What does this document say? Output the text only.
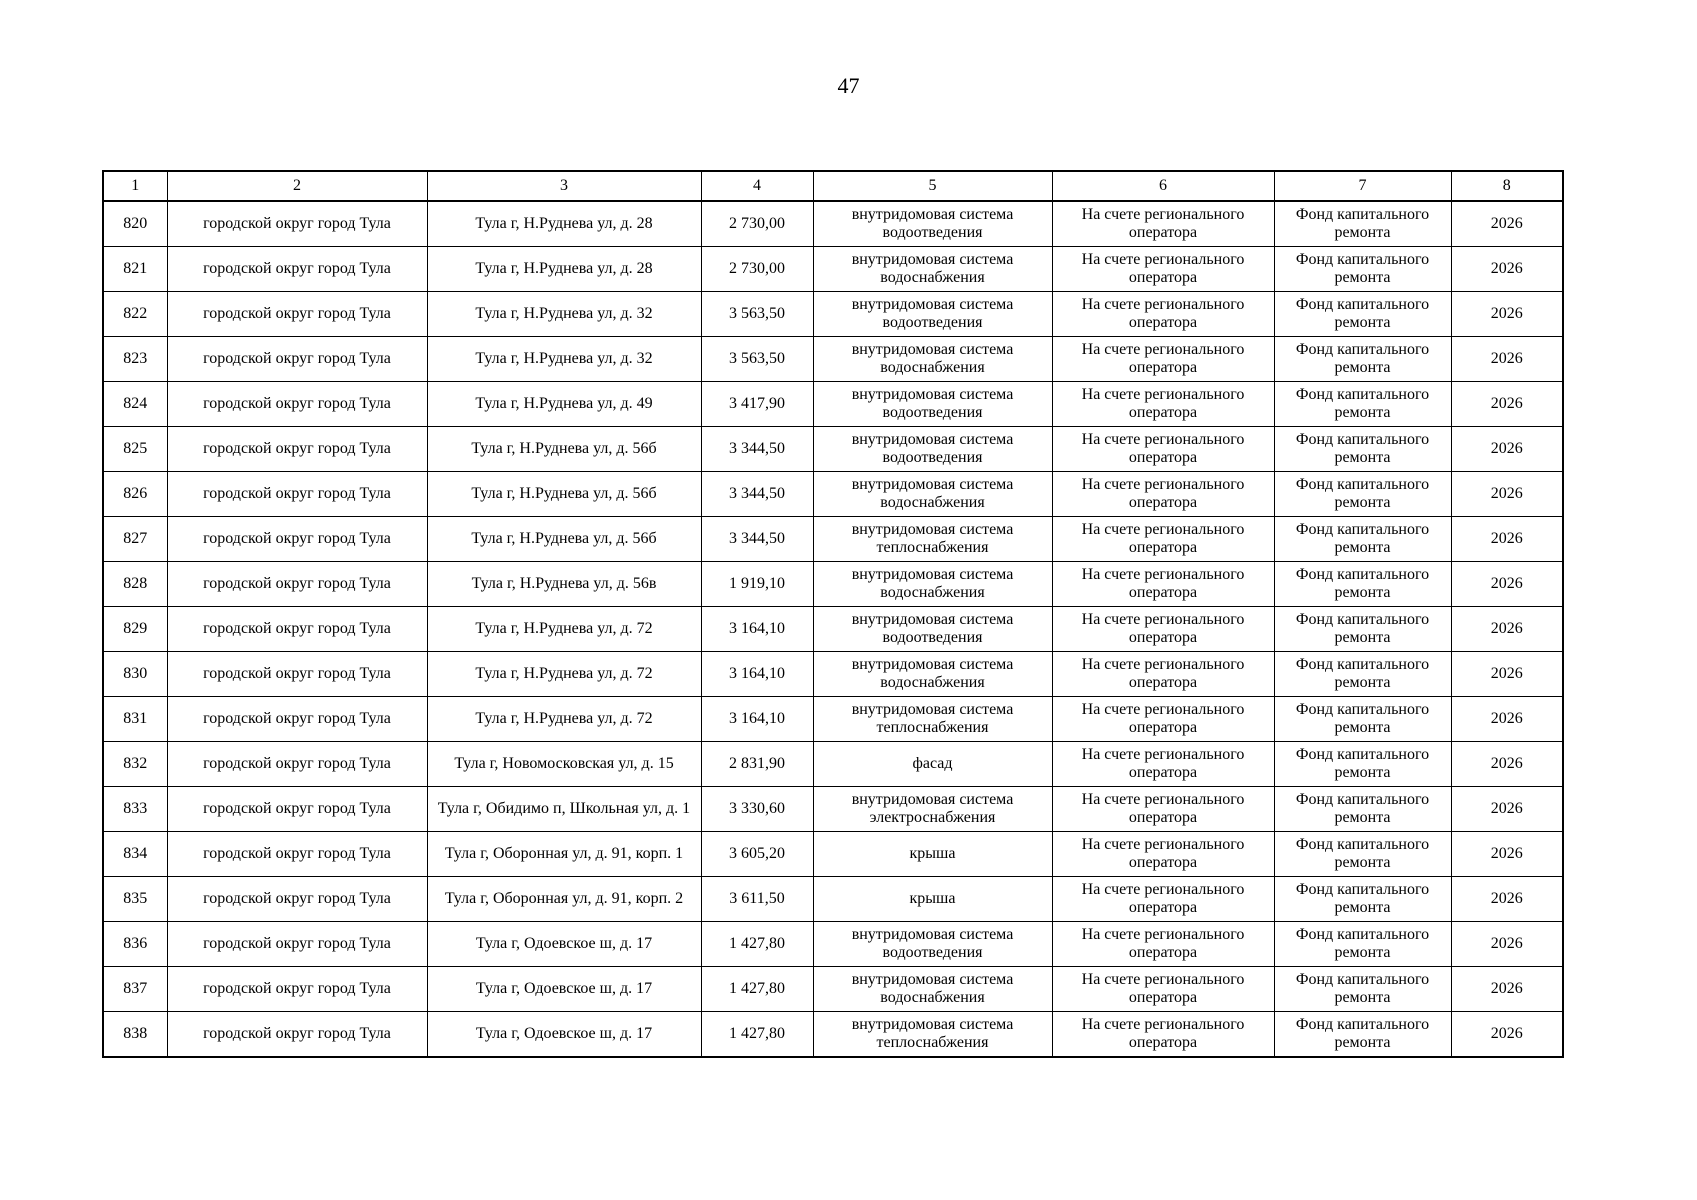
47
1	2	3	4	5	6	7	8
820	городской округ город Тула	Тула г, Н.Руднева ул, д. 28	2 730,00	внутридомовая система водоотведения	На счете регионального оператора	Фонд капитального ремонта	2026
821	городской округ город Тула	Тула г, Н.Руднева ул, д. 28	2 730,00	внутридомовая система водоснабжения	На счете регионального оператора	Фонд капитального ремонта	2026
822	городской округ город Тула	Тула г, Н.Руднева ул, д. 32	3 563,50	внутридомовая система водоотведения	На счете регионального оператора	Фонд капитального ремонта	2026
823	городской округ город Тула	Тула г, Н.Руднева ул, д. 32	3 563,50	внутридомовая система водоснабжения	На счете регионального оператора	Фонд капитального ремонта	2026
824	городской округ город Тула	Тула г, Н.Руднева ул, д. 49	3 417,90	внутридомовая система водоотведения	На счете регионального оператора	Фонд капитального ремонта	2026
825	городской округ город Тула	Тула г, Н.Руднева ул, д. 56б	3 344,50	внутридомовая система водоотведения	На счете регионального оператора	Фонд капитального ремонта	2026
826	городской округ город Тула	Тула г, Н.Руднева ул, д. 56б	3 344,50	внутридомовая система водоснабжения	На счете регионального оператора	Фонд капитального ремонта	2026
827	городской округ город Тула	Тула г, Н.Руднева ул, д. 56б	3 344,50	внутридомовая система теплоснабжения	На счете регионального оператора	Фонд капитального ремонта	2026
828	городской округ город Тула	Тула г, Н.Руднева ул, д. 56в	1 919,10	внутридомовая система водоснабжения	На счете регионального оператора	Фонд капитального ремонта	2026
829	городской округ город Тула	Тула г, Н.Руднева ул, д. 72	3 164,10	внутридомовая система водоотведения	На счете регионального оператора	Фонд капитального ремонта	2026
830	городской округ город Тула	Тула г, Н.Руднева ул, д. 72	3 164,10	внутридомовая система водоснабжения	На счете регионального оператора	Фонд капитального ремонта	2026
831	городской округ город Тула	Тула г, Н.Руднева ул, д. 72	3 164,10	внутридомовая система теплоснабжения	На счете регионального оператора	Фонд капитального ремонта	2026
832	городской округ город Тула	Тула г, Новомосковская ул, д. 15	2 831,90	фасад	На счете регионального оператора	Фонд капитального ремонта	2026
833	городской округ город Тула	Тула г, Обидимо п, Школьная ул, д. 1	3 330,60	внутридомовая система электроснабжения	На счете регионального оператора	Фонд капитального ремонта	2026
834	городской округ город Тула	Тула г, Оборонная ул, д. 91, корп. 1	3 605,20	крыша	На счете регионального оператора	Фонд капитального ремонта	2026
835	городской округ город Тула	Тула г, Оборонная ул, д. 91, корп. 2	3 611,50	крыша	На счете регионального оператора	Фонд капитального ремонта	2026
836	городской округ город Тула	Тула г, Одоевское ш, д. 17	1 427,80	внутридомовая система водоотведения	На счете регионального оператора	Фонд капитального ремонта	2026
837	городской округ город Тула	Тула г, Одоевское ш, д. 17	1 427,80	внутридомовая система водоснабжения	На счете регионального оператора	Фонд капитального ремонта	2026
838	городской округ город Тула	Тула г, Одоевское ш, д. 17	1 427,80	внутридомовая система теплоснабжения	На счете регионального оператора	Фонд капитального ремонта	2026
